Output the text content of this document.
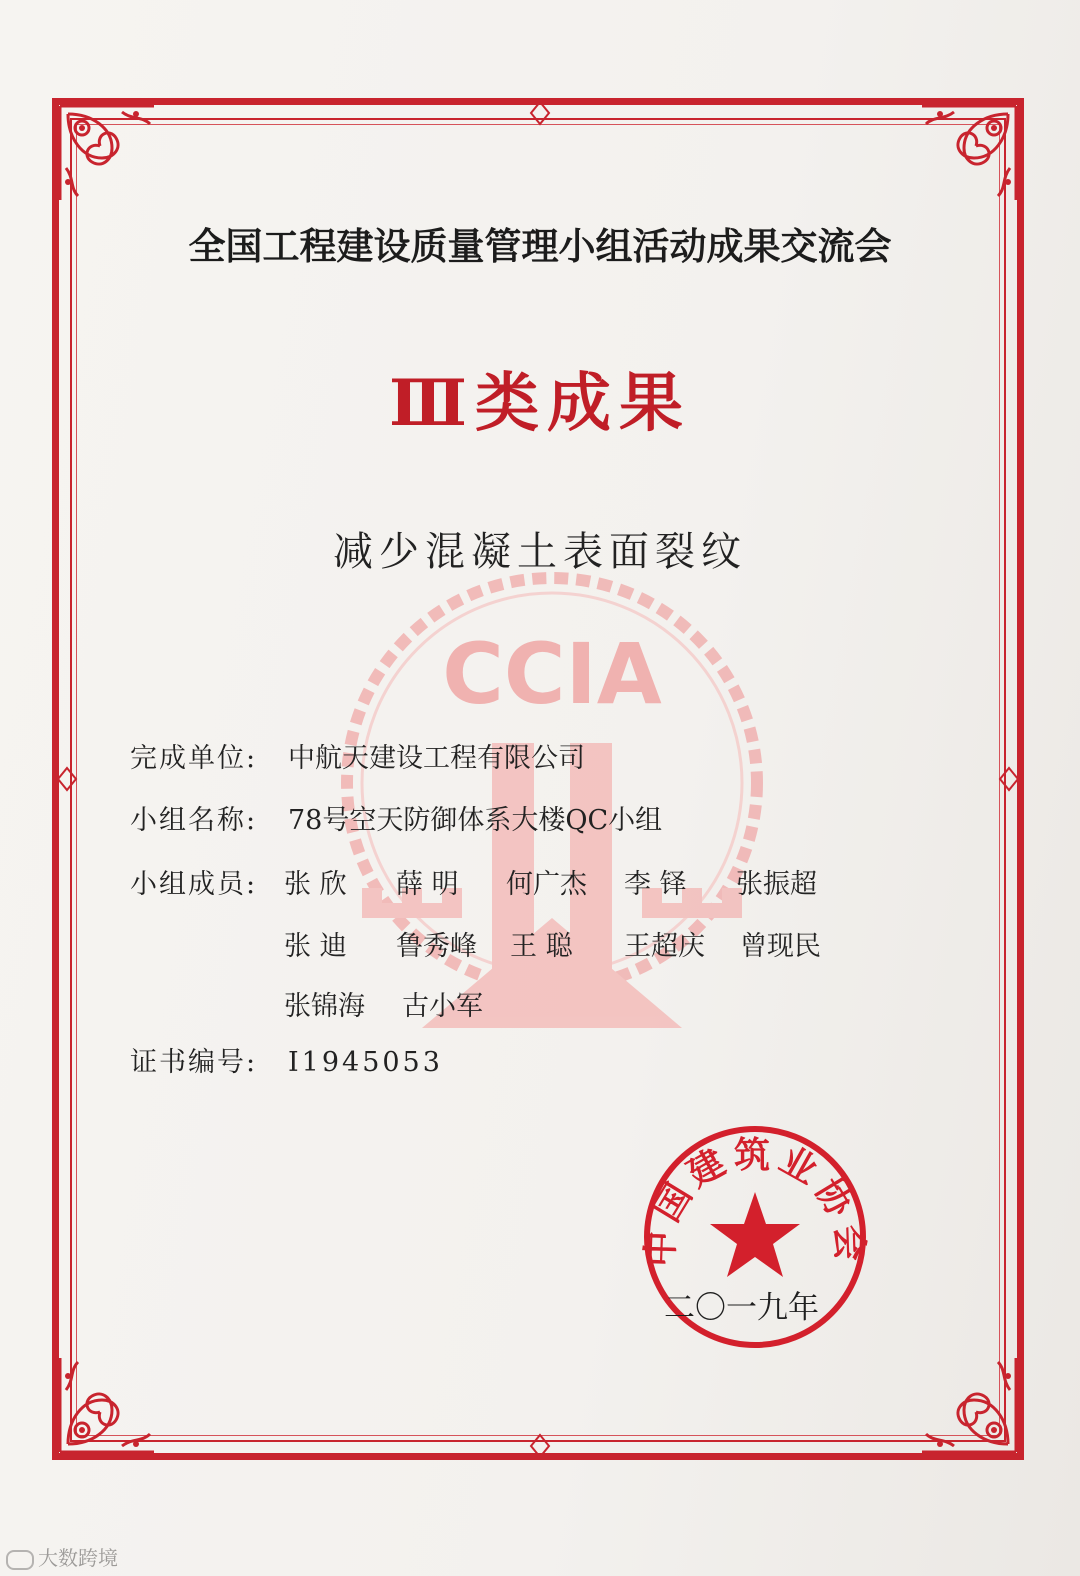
CCIA
全国工程建设质量管理小组活动成果交流会
Ⅲ类成果
减少混凝土表面裂纹
完成单位: 中航天建设工程有限公司
小组名称: 78号空天防御体系大楼QC小组
小组成员: 张 欣 薛 明 何广杰 李 铎 张振超
张 迪 鲁秀峰 王 聪 王超庆 曾现民
张锦海 古小军
证书编号: I1945053
中国建筑业协会
二〇一九年
大数跨境
